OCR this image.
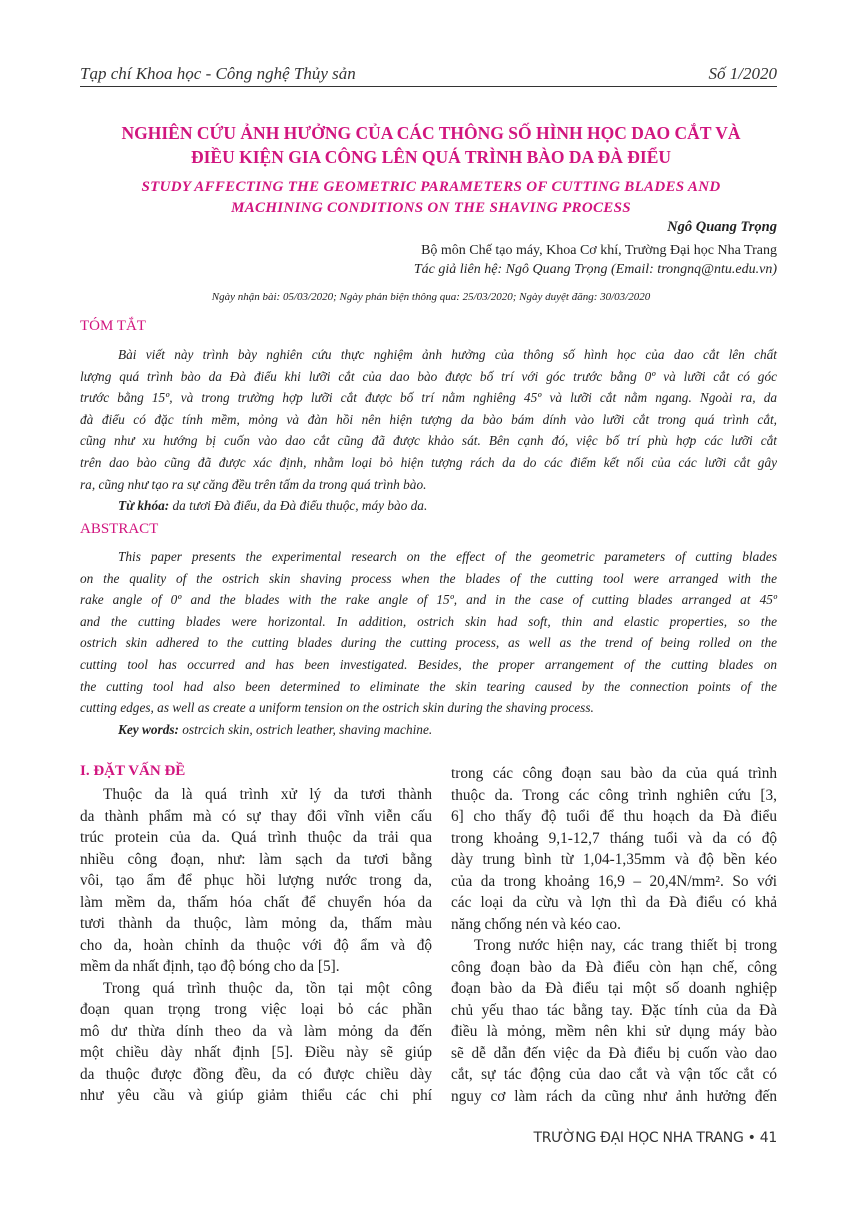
Tạp chí Khoa học - Công nghệ Thủy sản	Số 1/2020
NGHIÊN CỨU ẢNH HƯỞNG CỦA CÁC THÔNG SỐ HÌNH HỌC DAO CẮT VÀ
ĐIỀU KIỆN GIA CÔNG LÊN QUÁ TRÌNH BÀO DA ĐÀ ĐIỂU
STUDY AFFECTING THE GEOMETRIC PARAMETERS OF CUTTING BLADES AND
MACHINING CONDITIONS ON THE SHAVING PROCESS
Ngô Quang Trọng
Bộ môn Chế tạo máy, Khoa Cơ khí, Trường Đại học Nha Trang
Tác giả liên hệ: Ngô Quang Trọng (Email: trongnq@ntu.edu.vn)
Ngày nhận bài: 05/03/2020; Ngày phản biện thông qua: 25/03/2020; Ngày duyệt đăng: 30/03/2020
TÓM TẮT
Bài viết này trình bày nghiên cứu thực nghiệm ảnh hưởng của thông số hình học của dao cắt lên chất
lượng quá trình bào da Đà điểu khi lưỡi cắt của dao bào được bố trí với góc trước bằng 0º và lưỡi cắt có góc
trước bằng 15º, và trong trường hợp lưỡi cắt được bố trí nằm nghiêng 45º và lưỡi cắt nằm ngang. Ngoài ra, da
đà điểu có đặc tính mềm, mỏng và đàn hồi nên hiện tượng da bào bám dính vào lưỡi cắt trong quá trình cắt,
cũng như xu hướng bị cuốn vào dao cắt cũng đã được khảo sát. Bên cạnh đó, việc bố trí phù hợp các lưỡi cắt
trên dao bào cũng đã được xác định, nhằm loại bỏ hiện tượng rách da do các điểm kết nối của các lưỡi cắt gây
ra, cũng như tạo ra sự căng đều trên tấm da trong quá trình bào.
Từ khóa: da tươi Đà điểu, da Đà điểu thuộc, máy bào da.
ABSTRACT
This paper presents the experimental research on the effect of the geometric parameters of cutting blades
on the quality of the ostrich skin shaving process when the blades of the cutting tool were arranged with the
rake angle of 0º and the blades with the rake angle of 15º, and in the case of cutting blades arranged at 45º
and the cutting blades were horizontal. In addition, ostrich skin had soft, thin and elastic properties, so the
ostrich skin adhered to the cutting blades during the cutting process, as well as the trend of being rolled on the
cutting tool has occurred and has been investigated. Besides, the proper arrangement of the cutting blades on
the cutting tool had also been determined to eliminate the skin tearing caused by the connection points of the
cutting edges, as well as create a uniform tension on the ostrich skin during the shaving process.
Key words: ostrcich skin, ostrich leather, shaving machine.
I. ĐẶT VẤN ĐỀ
Thuộc da là quá trình xử lý da tươi thành
da thành phẩm mà có sự thay đổi vĩnh viễn cấu
trúc protein của da. Quá trình thuộc da trải qua
nhiều công đoạn, như: làm sạch da tươi bằng
vôi, tạo ẩm để phục hồi lượng nước trong da,
làm mềm da, thấm hóa chất để chuyển hóa da
tươi thành da thuộc, làm mỏng da, thấm màu
cho da, hoàn chỉnh da thuộc với độ ẩm và độ
mềm da nhất định, tạo độ bóng cho da [5].
Trong quá trình thuộc da, tồn tại một công
đoạn quan trọng trong việc loại bỏ các phần
mô dư thừa dính theo da và làm mỏng da đến
một chiều dày nhất định [5]. Điều này sẽ giúp
da thuộc được đồng đều, da có được chiều dày
như yêu cầu và giúp giảm thiểu các chi phí
trong các công đoạn sau bào da của quá trình
thuộc da. Trong các công trình nghiên cứu [3,
6] cho thấy độ tuổi để thu hoạch da Đà điểu
trong khoảng 9,1-12,7 tháng tuổi và da có độ
dày trung bình từ 1,04-1,35mm và độ bền kéo
của da trong khoảng 16,9 – 20,4N/mm². So với
các loại da cừu và lợn thì da Đà điểu có khả
năng chống nén và kéo cao.
Trong nước hiện nay, các trang thiết bị trong
công đoạn bào da Đà điểu còn hạn chế, công
đoạn bào da Đà điểu tại một số doanh nghiệp
chủ yếu thao tác bằng tay. Đặc tính của da Đà
điều là mỏng, mềm nên khi sử dụng máy bào
sẽ dễ dẫn đến việc da Đà điểu bị cuốn vào dao
cắt, sự tác động của dao cắt và vận tốc cắt có
nguy cơ làm rách da cũng như ảnh hưởng đến
TRƯỜNG ĐẠI HỌC NHA TRANG • 41
